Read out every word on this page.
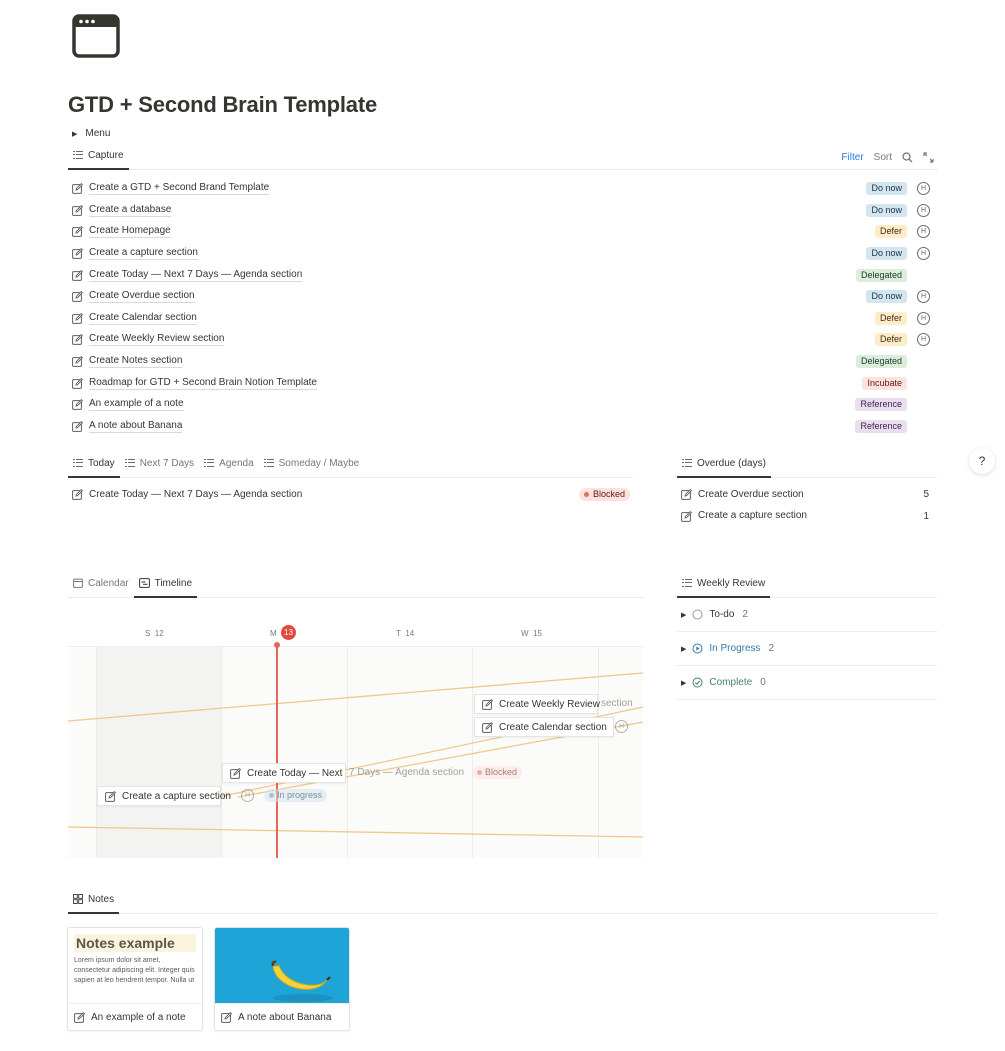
GTD + Second Brain Template
▶ Menu
Capture	Filter Sort
Create a GTD + Second Brand Template	Do now	H
Create a database	Do now	H
Create Homepage	Defer	H
Create a capture section	Do now	H
Create Today — Next 7 Days — Agenda section	Delegated
Create Overdue section	Do now	H
Create Calendar section	Defer	H
Create Weekly Review section	Defer	H
Create Notes section	Delegated
Roadmap for GTD + Second Brain Notion Template	Incubate
An example of a note	Reference
A note about Banana	Reference
?
Today	Next 7 Days	Agenda	Someday / Maybe
Create Today — Next 7 Days — Agenda section	Blocked
Overdue (days)
Create Overdue section	5
Create a capture section	1
Calendar	Timeline
S 12	M 13	T 14	W 15
Create Weekly Review section
Create Calendar section	H
Create Today — Next 7 Days — Agenda section Blocked
Create a capture section	H	In progress
Weekly Review
▶ To-do 2
▶ In Progress 2
▶ Complete 0
Notes
Notes example

Lorem ipsum dolor sit amet, consectetur adipiscing elit. Integer quis sapien at leo hendrerit tempor. Nulla ut

An example of a note	A note about Banana
